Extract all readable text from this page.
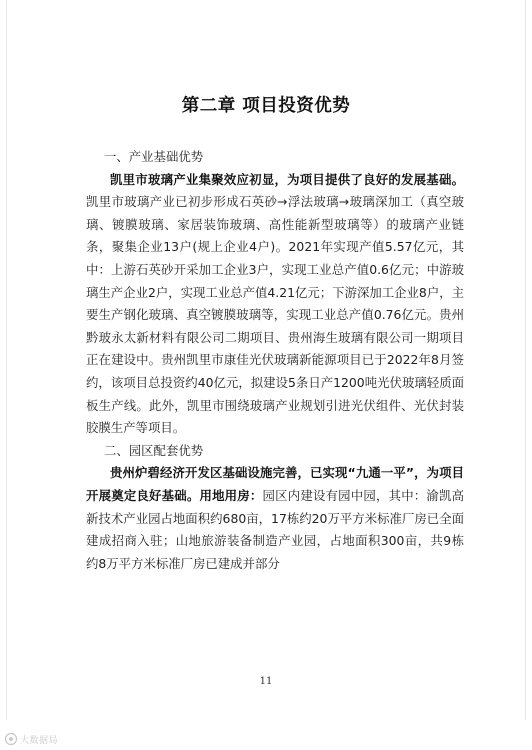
第二章 项目投资优势

一、产业基础优势

凯里市玻璃产业集聚效应初显，为项目提供了良好的发展基础。凯里市玻璃产业已初步形成石英砂→浮法玻璃→玻璃深加工（真空玻璃、镀膜玻璃、家居装饰玻璃、高性能新型玻璃等）的玻璃产业链条，聚集企业13户(规上企业4户)。2021年实现产值5.57亿元，其中：上游石英砂开采加工企业3户，实现工业总产值0.6亿元；中游玻璃生产企业2户，实现工业总产值4.21亿元；下游深加工企业8户，主要生产钢化玻璃、真空镀膜玻璃等，实现工业总产值0.76亿元。贵州黔玻永太新材料有限公司二期项目、贵州海生玻璃有限公司一期项目正在建设中。贵州凯里市康佳光伏玻璃新能源项目已于2022年8月签约，该项目总投资约40亿元，拟建设5条日产1200吨光伏玻璃轻质面板生产线。此外，凯里市围绕玻璃产业规划引进光伏组件、光伏封装胶膜生产等项目。

二、园区配套优势

贵州炉碧经济开发区基础设施完善，已实现“九通一平”，为项目开展奠定良好基础。用地用房：园区内建设有园中园，其中：渝凯高新技术产业园占地面积约680亩，17栋约20万平方米标准厂房已全面建成招商入驻；山地旅游装备制造产业园，占地面积300亩，共9栋约8万平方米标准厂房已建成并部分

11
大数据局
